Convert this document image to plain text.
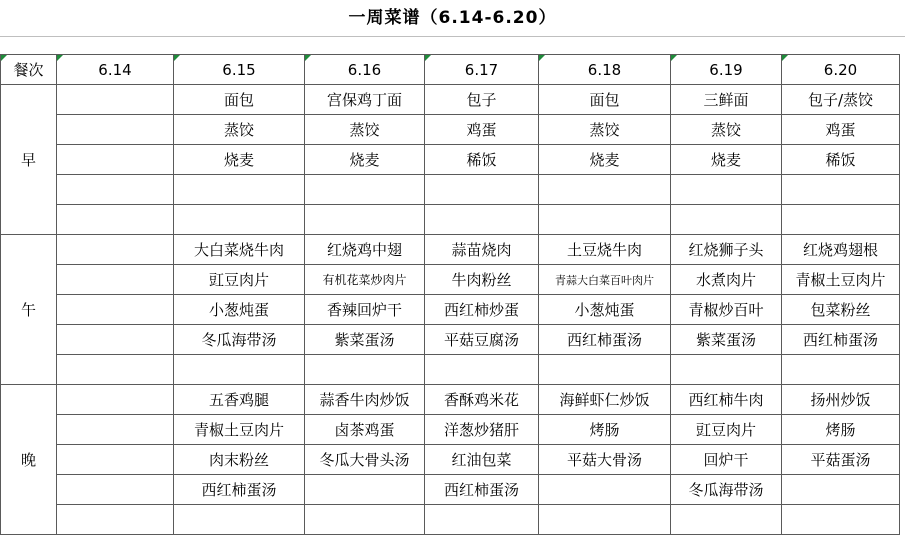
一周菜谱（6.14-6.20）
餐次	6.14	6.15	6.16	6.17	6.18	6.19	6.20
早		面包	宫保鸡丁面	包子	面包	三鲜面	包子/蒸饺
		蒸饺	蒸饺	鸡蛋	蒸饺	蒸饺	鸡蛋
		烧麦	烧麦	稀饭	烧麦	烧麦	稀饭

午		大白菜烧牛肉	红烧鸡中翅	蒜苗烧肉	土豆烧牛肉	红烧狮子头	红烧鸡翅根
		豇豆肉片	有机花菜炒肉片	牛肉粉丝	青蒜大白菜百叶肉片	水煮肉片	青椒土豆肉片
		小葱炖蛋	香辣回炉干	西红柿炒蛋	小葱炖蛋	青椒炒百叶	包菜粉丝
		冬瓜海带汤	紫菜蛋汤	平菇豆腐汤	西红柿蛋汤	紫菜蛋汤	西红柿蛋汤

晚		五香鸡腿	蒜香牛肉炒饭	香酥鸡米花	海鲜虾仁炒饭	西红柿牛肉	扬州炒饭
		青椒土豆肉片	卤茶鸡蛋	洋葱炒猪肝	烤肠	豇豆肉片	烤肠
		肉末粉丝	冬瓜大骨头汤	红油包菜	平菇大骨汤	回炉干	平菇蛋汤
		西红柿蛋汤		西红柿蛋汤		冬瓜海带汤	
